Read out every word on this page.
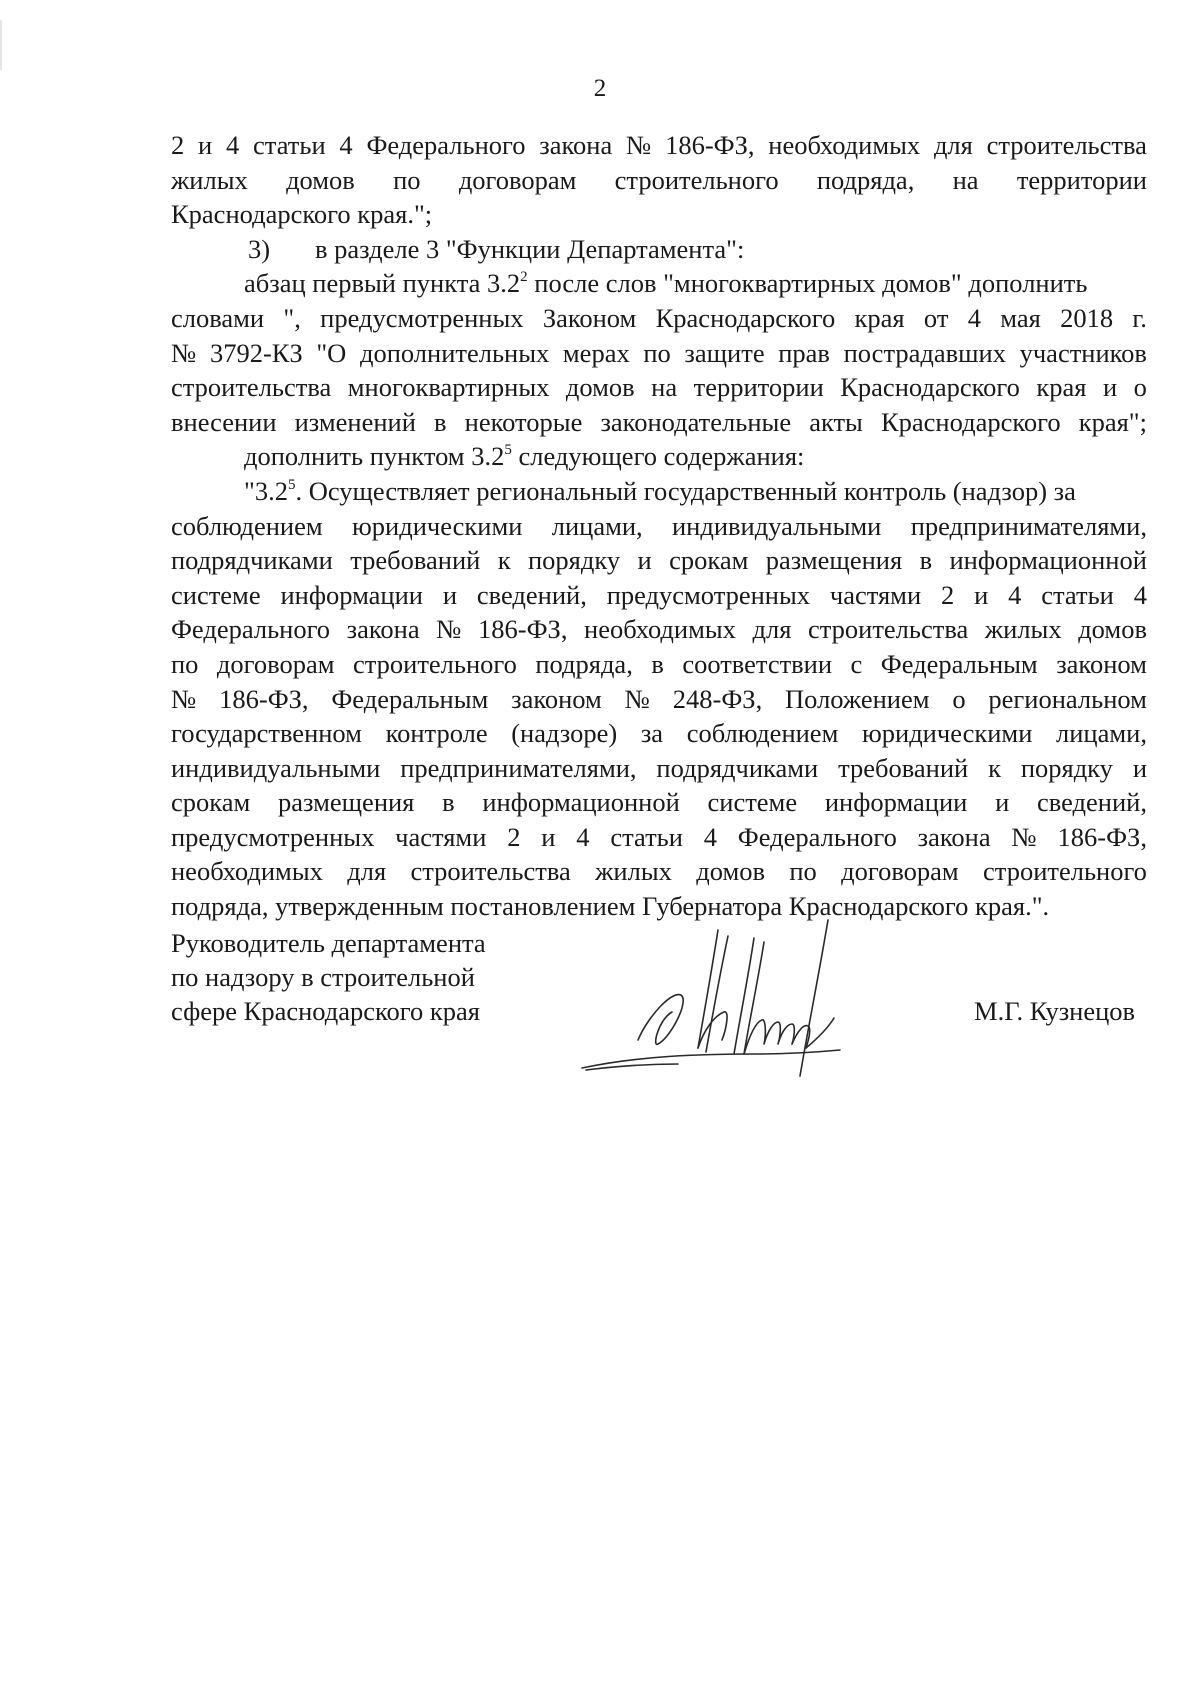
2
2 и 4 статьи 4 Федерального закона № 186-ФЗ, необходимых для строительства
жилых домов по договорам строительного подряда, на территории
Краснодарского края.";
3) в разделе 3 "Функции Департамента":
абзац первый пункта $3.2^2$ после слов "многоквартирных домов" дополнить
словами ", предусмотренных Законом Краснодарского края от 4 мая 2018 г.
№ 3792-КЗ "О дополнительных мерах по защите прав пострадавших участников
строительства многоквартирных домов на территории Краснодарского края и о
внесении изменений в некоторые законодательные акты Краснодарского края";
дополнить пунктом $3.2^5$ следующего содержания:
"$3.2^5$. Осуществляет региональный государственный контроль (надзор) за
соблюдением юридическими лицами, индивидуальными предпринимателями,
подрядчиками требований к порядку и срокам размещения в информационной
системе информации и сведений, предусмотренных частями 2 и 4 статьи 4
Федерального закона № 186-ФЗ, необходимых для строительства жилых домов
по договорам строительного подряда, в соответствии с Федеральным законом
№ 186-ФЗ, Федеральным законом № 248-ФЗ, Положением о региональном
государственном контроле (надзоре) за соблюдением юридическими лицами,
индивидуальными предпринимателями, подрядчиками требований к порядку и
срокам размещения в информационной системе информации и сведений,
предусмотренных частями 2 и 4 статьи 4 Федерального закона № 186-ФЗ,
необходимых для строительства жилых домов по договорам строительного
подряда, утвержденным постановлением Губернатора Краснодарского края.".
Руководитель департамента
по надзору в строительной
сфере Краснодарского края	М.Г. Кузнецов
